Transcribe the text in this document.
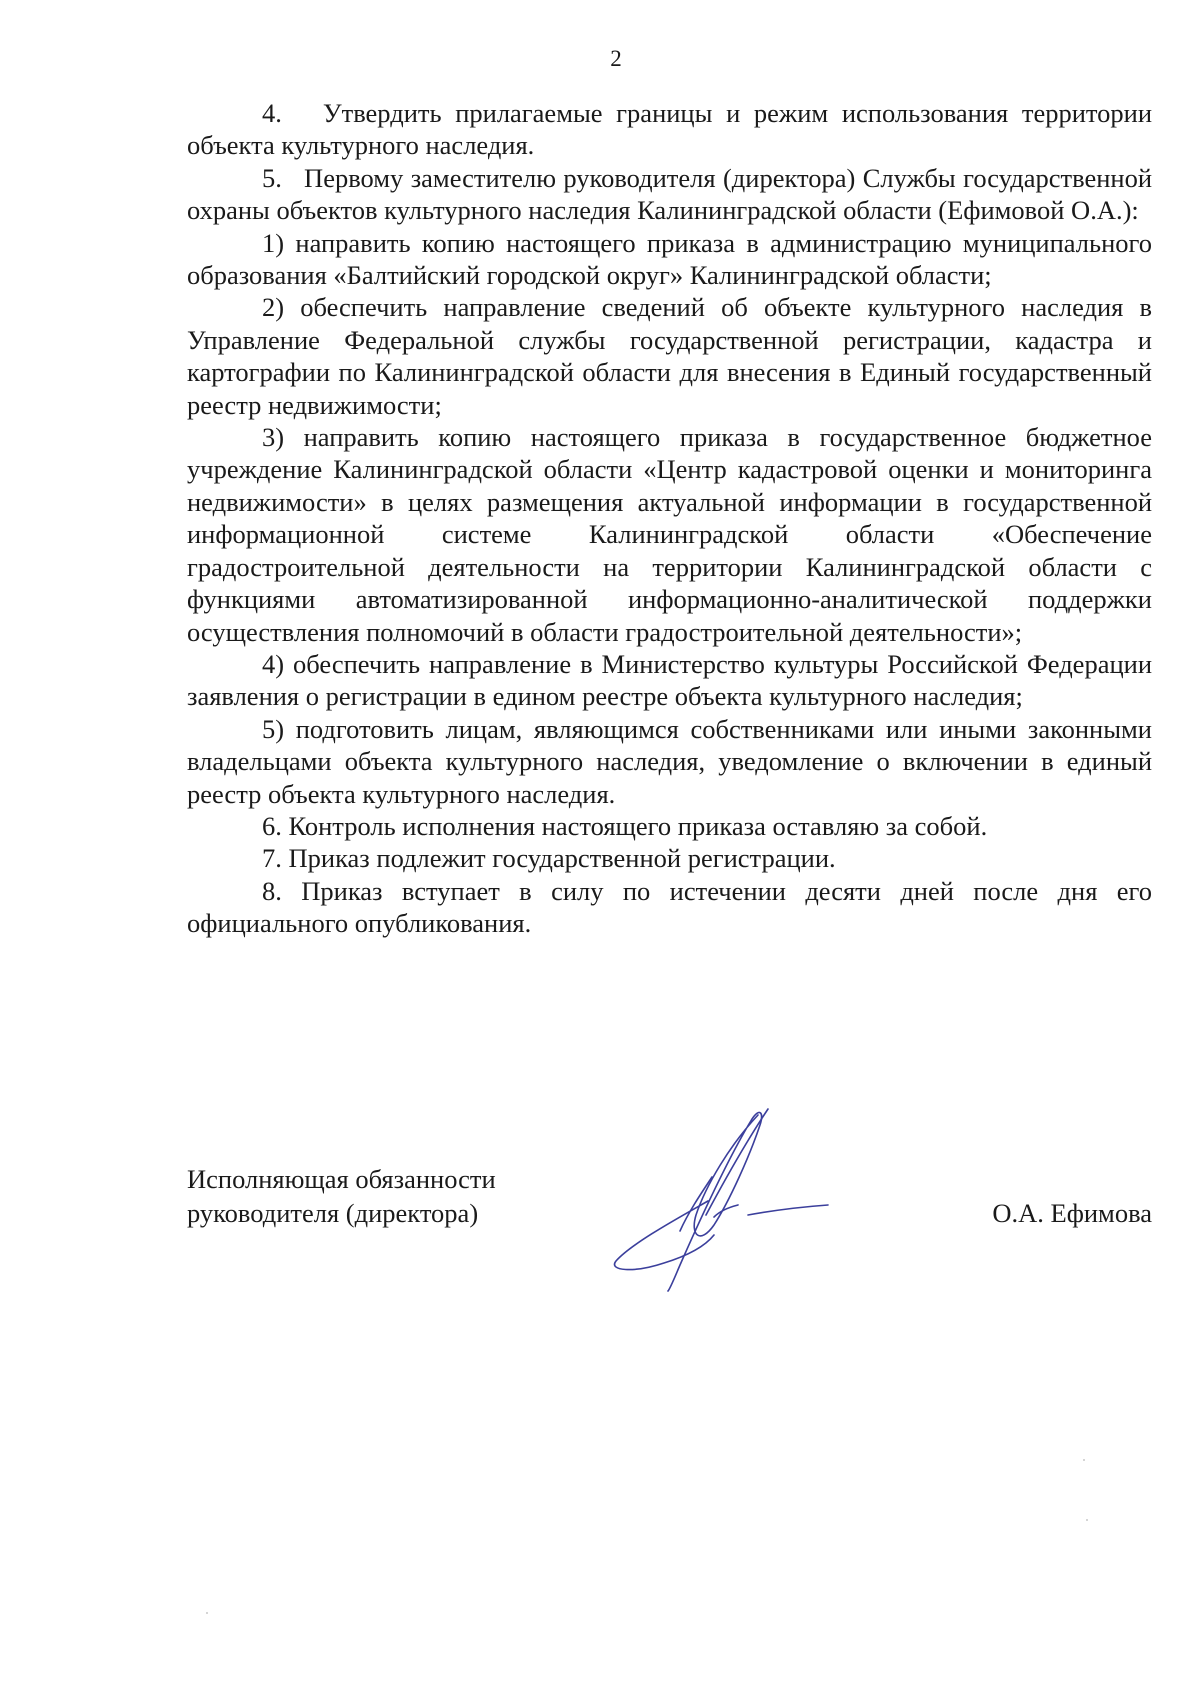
2

4.   Утвердить прилагаемые границы и режим использования территории объекта культурного наследия.

5.   Первому заместителю руководителя (директора) Службы государственной охраны объектов культурного наследия Калининградской области (Ефимовой О.А.):

1) направить копию настоящего приказа в администрацию муниципального образования «Балтийский городской округ» Калининградской области;

2) обеспечить направление сведений об объекте культурного наследия в Управление Федеральной службы государственной регистрации, кадастра и картографии по Калининградской области для внесения в Единый государственный реестр недвижимости;

3) направить копию настоящего приказа в государственное бюджетное учреждение Калининградской области «Центр кадастровой оценки и мониторинга недвижимости» в целях размещения актуальной информации в государственной информационной системе Калининградской области «Обеспечение градостроительной деятельности на территории Калининградской области с функциями автоматизированной информационно-аналитической поддержки осуществления полномочий в области градостроительной деятельности»;

4) обеспечить направление в Министерство культуры Российской Федерации заявления о регистрации в едином реестре объекта культурного наследия;

5) подготовить лицам, являющимся собственниками или иными законными владельцами объекта культурного наследия, уведомление о включении в единый реестр объекта культурного наследия.

6. Контроль исполнения настоящего приказа оставляю за собой.

7. Приказ подлежит государственной регистрации.

8. Приказ вступает в силу по истечении десяти дней после дня его официального опубликования.

Исполняющая обязанности
руководителя (директора)	О.А. Ефимова
